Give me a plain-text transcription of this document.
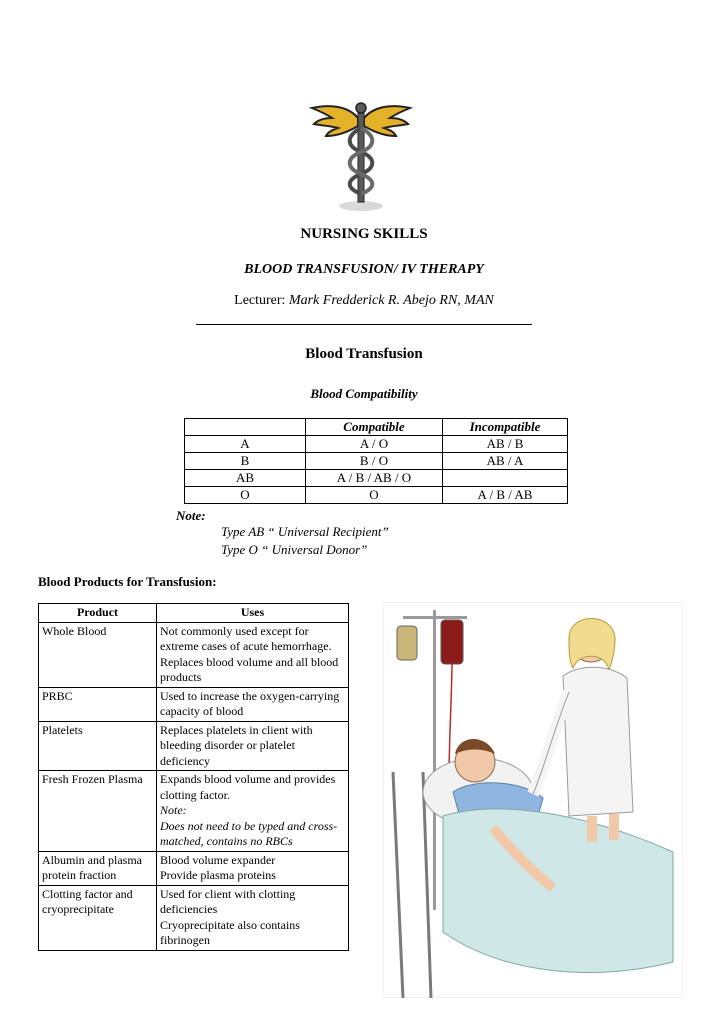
NURSING SKILLS
BLOOD TRANSFUSION/ IV THERAPY
Lecturer: Mark Fredderick R. Abejo RN, MAN
Blood Transfusion
Blood Compatibility
	Compatible	Incompatible
A	A / O	AB / B
B	B / O	AB / A
AB	A / B / AB / O	
O	O	A / B / AB
Note:
Type AB “ Universal Recipient”
Type O “ Universal Donor”
Blood Products for Transfusion:
Product	Uses
Whole Blood	Not commonly used except for extreme cases of acute hemorrhage.
Replaces blood volume and all blood products

PRBC	Used to increase the oxygen-carrying capacity of blood

Platelets	Replaces platelets in client with bleeding disorder or platelet deficiency

Fresh Frozen Plasma	Expands blood volume and provides clotting factor.
Note:
Does not need to be typed and cross-matched, contains no RBCs

Albumin and plasma protein fraction	Blood volume expander
Provide plasma proteins

Clotting factor and cryoprecipitate	Used for client with clotting deficiencies
Cryoprecipitate also contains fibrinogen
